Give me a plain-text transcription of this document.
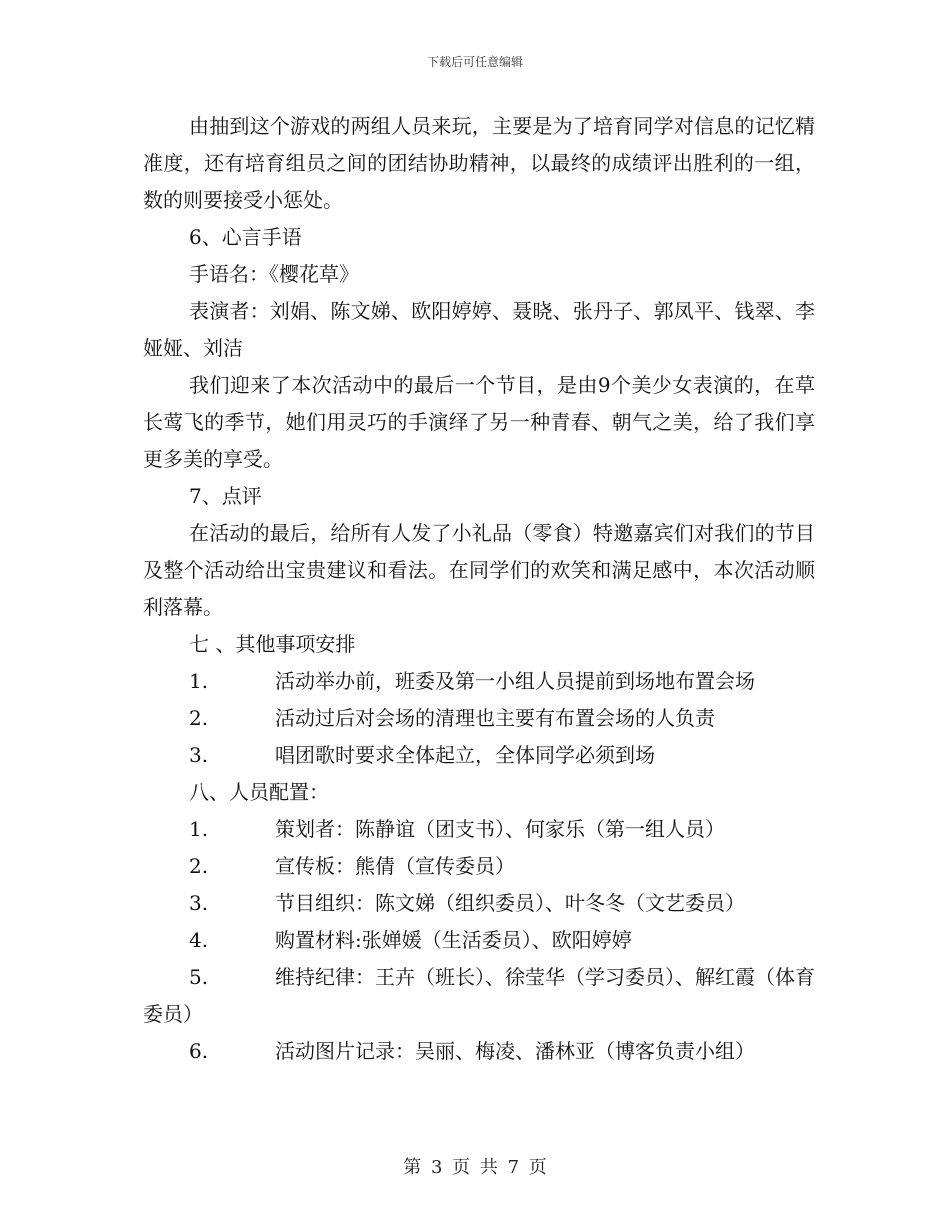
下载后可任意编辑

由抽到这个游戏的两组人员来玩，主要是为了培育同学对信息的记忆精准度，还有培育组员之间的团结协助精神，以最终的成绩评出胜利的一组，数的则要接受小惩处。

6、心言手语

手语名：《樱花草》

表演者：刘娟、陈文娣、欧阳婷婷、聂晓、张丹子、郭凤平、钱翠、李娅娅、刘洁

我们迎来了本次活动中的最后一个节目，是由9个美少女表演的，在草长莺飞的季节，她们用灵巧的手演绎了另一种青春、朝气之美，给了我们享更多美的享受。

7、点评

在活动的最后，给所有人发了小礼品（零食）特邀嘉宾们对我们的节目及整个活动给出宝贵建议和看法。在同学们的欢笑和满足感中，本次活动顺利落幕。

七 、其他事项安排

1.	活动举办前，班委及第一小组人员提前到场地布置会场
2.	活动过后对会场的清理也主要有布置会场的人负责
3.	唱团歌时要求全体起立，全体同学必须到场

八、人员配置：

1.	策划者：陈静谊（团支书）、何家乐（第一组人员）
2.	宣传板：熊倩（宣传委员）
3.	节目组织：陈文娣（组织委员）、叶冬冬（文艺委员）
4.	购置材料:张婵媛（生活委员）、欧阳婷婷
5.	维持纪律：王卉（班长）、徐莹华（学习委员）、解红霞（体育委员）
6.	活动图片记录：吴丽、梅凌、潘林亚（博客负责小组）
第 3 页 共 7 页
